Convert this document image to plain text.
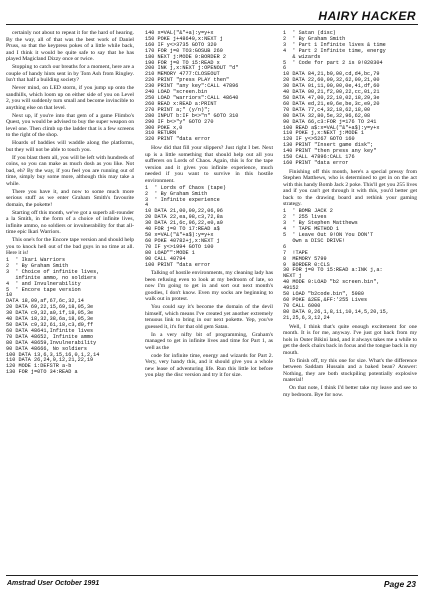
HAIRY HACKER

certainly not about to repeat it for the hard of hearing. By the way, all of that was the best work of Daniel Pruss, so that the keypress pokes of a little while back, and I think it would be quite safe to say that he has played Magicland Dizzy once or twice.

Stopping to catch our breaths for a moment, here are a couple of handy hints sent in by Tom Ash from Ringley. Isn't that half a building society?

Never mind, on LED storm, if you jump up onto the sandhills, which loom up on either side of you on Level 2, you will suddenly turn small and become invincible to anything else on that level.

Next up, if you're into that gem of a game Flimbo's Quest, you would be advised to buy the super weapon on level one. Then climb up the ladder that is a few screens to the right of the shop.

Hoards of baddies will waddle along the platforms, but they will not be able to touch you.

If you blast them all, you will be left with hundreds of coins, so you can make as much dosh as you like. Not bad, eh? By the way, if you feel you are running out of time, simply buy some more, although this may take a while.

There you have it, and now to some much more serious stuff as we enter Graham Smith's favourite domain, the pokette!

Starting off this month, we've got a superb all-rounder a la Smith, in the form of a choice of infinite lives, infinite ammo, no soldiers or invulnerability for that all-time epic Ikari Warriors.

This one's for the Encore tape version and should help you to knock hell out of the bad guys in no time at all. Here it is!

1  ' Ikari Warriors
2  ' By Graham Smith
3  ' Choice of infinite lives,
infinite ammo, no soldiers
4  ' and Invulnerability
5  ' Encore tape version
10
DATA 18,09,af,67,6c,32,14
20 DATA 69,22,15,69,18,05,3e
30 DATA c9,32,a0,1f,18,05,3e
40 DATA 18,32,38,6a,18,05,3e
50 DATA c9,32,61,18,c3,d0,ff
60 DATA 48641,Infinite lives
70 DATA 48652, Infinite ammo
80 DATA 48659,Invulnerability
90 DATA 48666, No soldiers
100 DATA 13,6,3,15,16,0,1,2,14
110 DATA 26,24,9,12,21,22,19
120 MODE 1:DEFSTR a-b
130 FOR j=0TO 34:READ a
140 x=VAL("&"+a):y=y+x
150 POKE j+48640,x:NEXT j
160 IF y<>3735 GOTO 320
170 FOR j=0 TO3:GOSUB 260
180 NEXT j:MODE 0:BORDER 2
190 FOR j=0 TO 15:READ x
200 INK j,x:NEXT j:OPENOUT "d"
210 MEMORY 4777:CLOSEOUT
220 PRINT "press PLAY then"
230 PRINT "any key":CALL 47896
240 LOAD "screen.bin
250 LOAD "warriors":CALL 48640
260 READ x:READ a:PRINT
270 PRINT a;" (y/n)";
280 INPUT b:IF b<>"n" GOTO 310
290 IF b<>"y" GOTO 270
300 POKE x,0
310 RETURN
320 PRINT "data error

How did that fill your slippers? Just right I bet. Next up is a little something that should help out all you sufferers on Lords of Chaos. Again, this is for the tape version and it gives you infinite experience, much needed if you want to survive in this hostile environment.

1  ' Lords of Chaos (tape)
2  ' By Graham Smith
3  ' Infinite experience
4
10 DATA 21,00,00,22,06,96
20 DATA 22,ea,98,c3,72,8a
30 DATA 21,6c,96,22,e0,a0
40 FOR j=0 TO 17:READ a$
50 x=VAL("&"+a$):y=y+x
60 POKE 40782+j,x:NEXT j
70 IF y<>1994 GOTO 100
80 LOAD"":MODE 1
90 CALL 40794
100 PRINT "data error

Talking of hostile environments, my cleaning lady has been refusing even to look at my bedroom of late, so now I'm going to get in and sort out next month's goodies, I don't know. Even my socks are beginning to walk out in protest.

You could say it's become the domain of the devil himself, which means I've created yet another extremely tenuous link to bring in our next pokette. Yep, you've guessed it, it's for that old gem Satan.

In a very nifty bit of programming, Graham's managed to get in infinite lives and time for Part 1, as well as the

code for infinite time, energy and wizards for Part 2. Very, very handy this, and it should give you a whole new lease of adventuring life. Run this little lot before you play the disc version and try it for size.

1  ' Satan (disc)
2  ' By Graham Smith
3  ' Part 1 Infinite lives & time
4  ' Part 2 Infinite time, energy
& wizards
5  ' Code for part 2 is 0!020304
6
10 DATA 84,21,b9,00,cd,d4,bc,79
20 DATA 22,60,00,32,62,00,21,00
30 DATA 01,11,00,00,0e,41,df,60
40 DATA 00,21,f2,00,22,cc,01,21
50 DATA 47,00,22,10,02,18,29,3e
60 DATA ed,21,e9,6e,be,3c,e9,20
70 DATA 77,c4,32,18,62,18,00
80 DATA 32,80,5e,32,96,62,08
90 DATA 66,c3:FOR j=176 TO 241
100 READ a$:x=VAL("&"+a$):y=y+x
110 POKE j,x:NEXT j:MODE 1
120 IF y<>5267 GOTO 160
130 PRINT "Insert game disk";
140 PRINT "then press any key"
150 CALL 47896:CALL 176
160 PRINT "data error

Finishing off this month, here's a special pressy from Stephen Matthews, who is determined to get in on the act with this handy Bomb Jack 2 poke. This'll get you 255 lives and if you can't get through it with this, you'd better get back to the drawing board and rethink your gaming strategy.

1  ' BOMB JACK 2
2  ' 255 lives
3  ' By Stephen Matthews
4  ' TAPE METHOD 1
5  ' Leave Out 9!ON You DON'T
Own a DISC DRIVE!
6
7  !TAPE
8  MEMORY 5799
9  BORDER 0:CLS
30 FOR j=0 TO 15:READ a:INK j,a:
NEXT j
40 MODE 0:LOAD "b2 screen.bin",
49152
50 LOAD "b2code.bin", 5980
60 POKE &2EE,&FF:'255 Lives
70 CALL 6000
80 DATA 0,26,1,8,11,10,14,5,20,15,
21,25,6,3,12,24

Well, I think that's quite enough excitement for one month. It is for me, anyway. I've just got back from my hols in Outer Bikini land, and it always takes me a while to get the deck chairs back in focus and the tongue back in my mouth.

To finish off, try this one for size. What's the difference between Saddam Hussain and a baked bean? Answer: Nothing, they are both stockpiling potentially explosive material!

On that note, I think I'd better take my leave and see to my bedroom. Bye for now.

Amstrad User October 1991	Page 23
